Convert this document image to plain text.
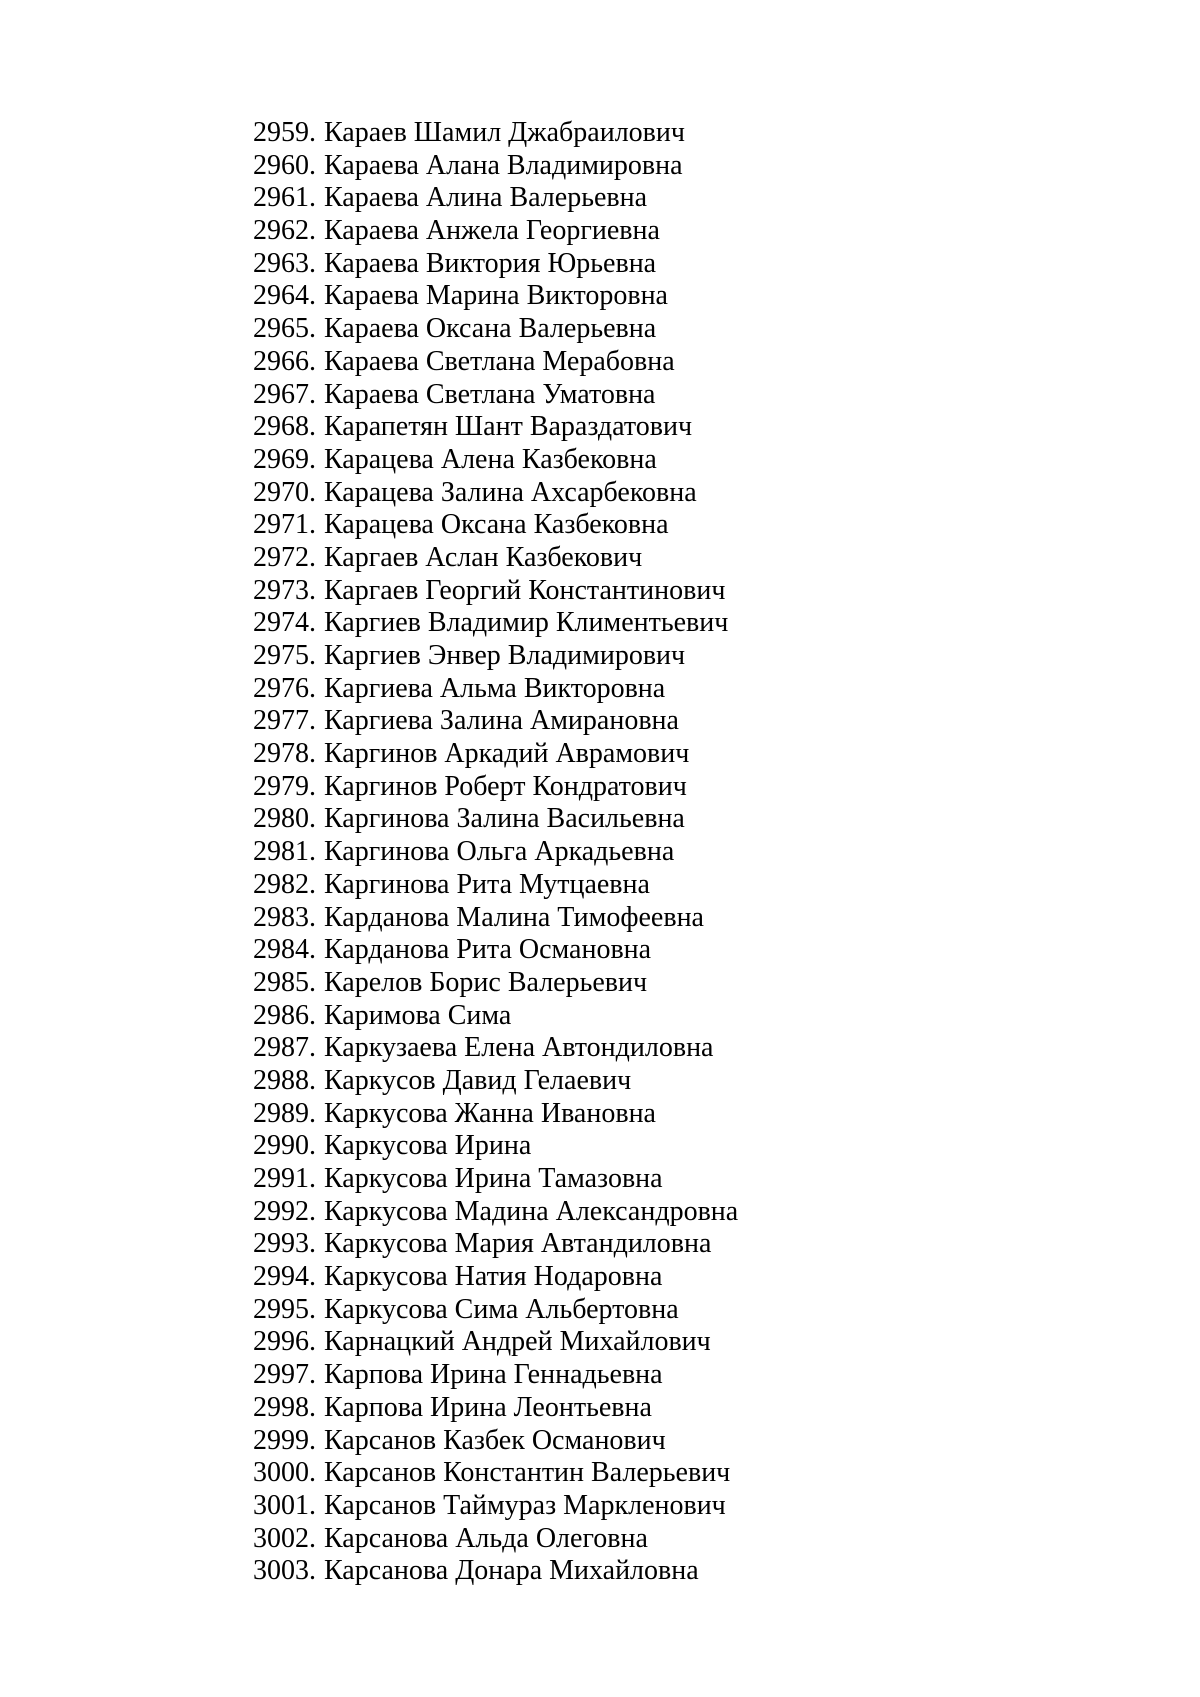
2959. Караев Шамил Джабраилович
2960. Караева Алана Владимировна
2961. Караева Алина Валерьевна
2962. Караева Анжела Георгиевна
2963. Караева Виктория Юрьевна
2964. Караева Марина Викторовна
2965. Караева Оксана Валерьевна
2966. Караева Светлана Мерабовна
2967. Караева Светлана Уматовна
2968. Карапетян Шант Вараздатович
2969. Карацева Алена Казбековна
2970. Карацева Залина Ахсарбековна
2971. Карацева Оксана Казбековна
2972. Каргаев Аслан Казбекович
2973. Каргаев Георгий Константинович
2974. Каргиев Владимир Климентьевич
2975. Каргиев Энвер Владимирович
2976. Каргиева Альма Викторовна
2977. Каргиева Залина Амирановна
2978. Каргинов Аркадий Аврамович
2979. Каргинов Роберт Кондратович
2980. Каргинова Залина Васильевна
2981. Каргинова Ольга Аркадьевна
2982. Каргинова Рита Мутцаевна
2983. Карданова Малина Тимофеевна
2984. Карданова Рита Османовна
2985. Карелов Борис Валерьевич
2986. Каримова Сима
2987. Каркузаева Елена Автондиловна
2988. Каркусов Давид Гелаевич
2989. Каркусова Жанна Ивановна
2990. Каркусова Ирина
2991. Каркусова Ирина Тамазовна
2992. Каркусова Мадина Александровна
2993. Каркусова Мария Автандиловна
2994. Каркусова Натия Нодаровна
2995. Каркусова Сима Альбертовна
2996. Карнацкий Андрей Михайлович
2997. Карпова Ирина Геннадьевна
2998. Карпова Ирина Леонтьевна
2999. Карсанов Казбек Османович
3000. Карсанов Константин Валерьевич
3001. Карсанов Таймураз Маркленович
3002. Карсанова Альда Олеговна
3003. Карсанова Донара Михайловна
